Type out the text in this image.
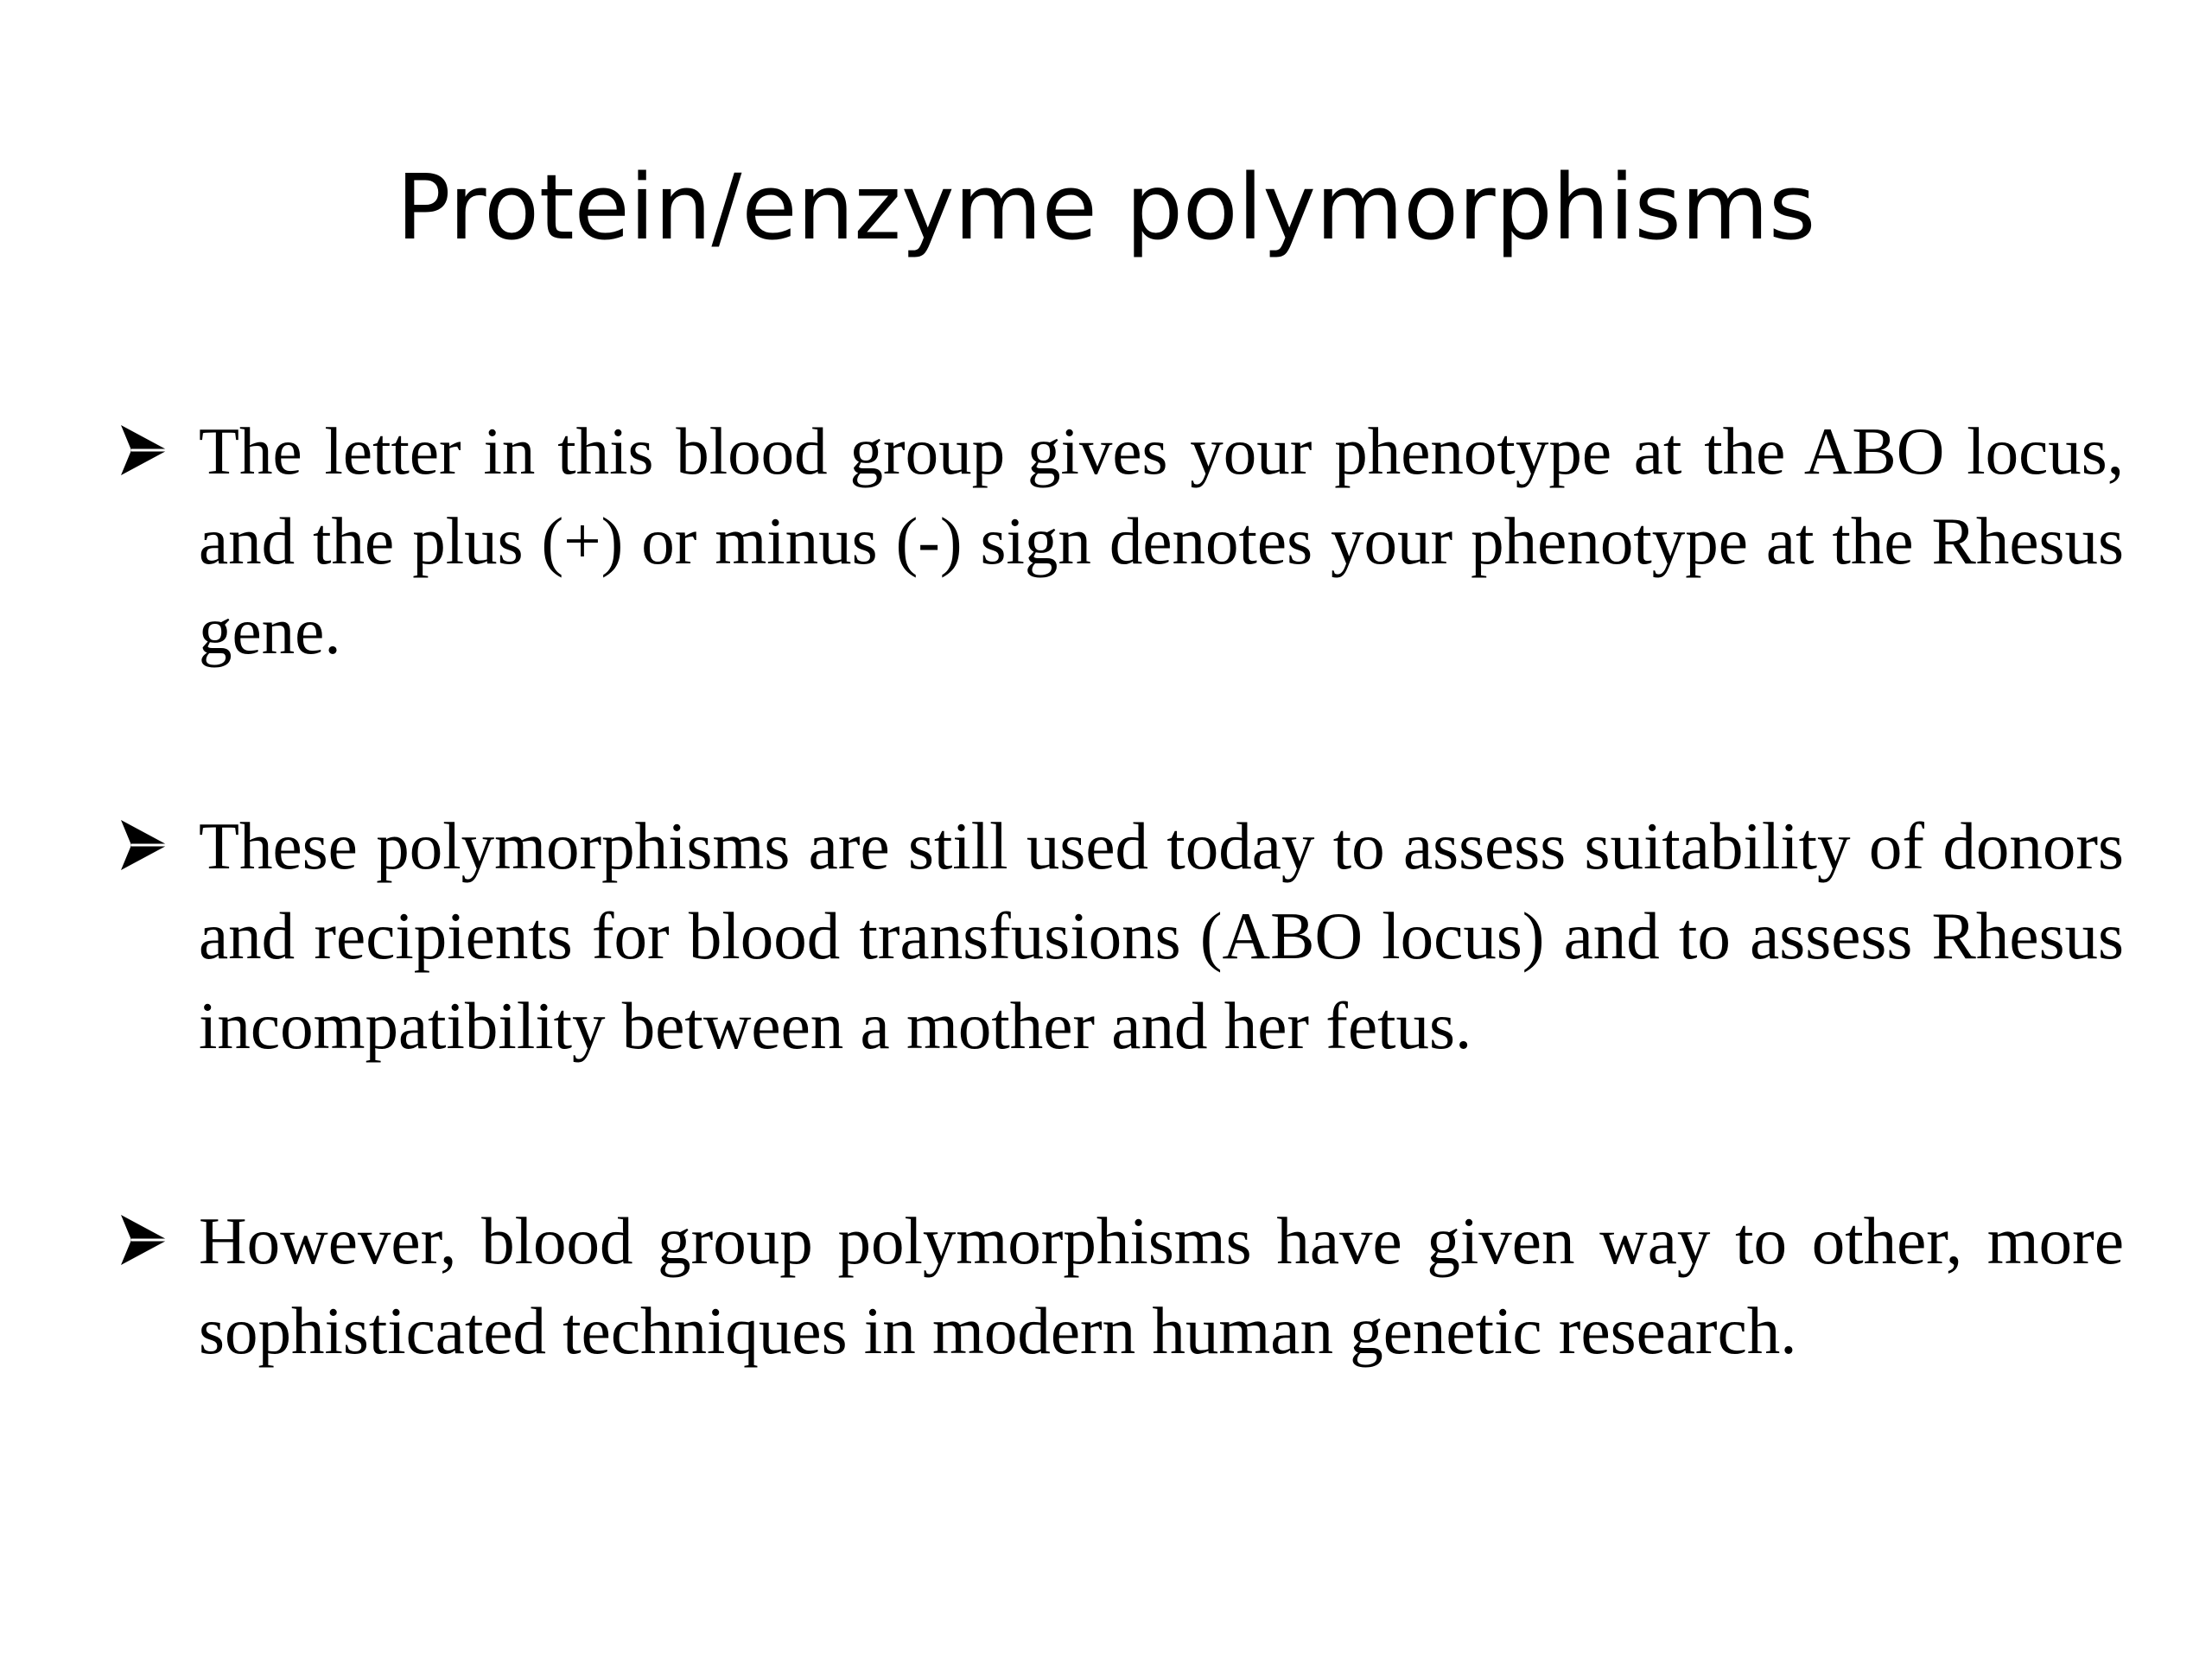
Protein/enzyme polymorphisms
The letter in this blood group gives your phenotype at the ABO locus, and the plus (+) or minus (-) sign denotes your phenotype at the Rhesus gene.
These polymorphisms are still used today to assess suitability of donors and recipients for blood transfusions (ABO locus) and to assess Rhesus incompatibility between a mother and her fetus.
However, blood group polymorphisms have given way to other, more sophisticated techniques in modern human genetic research.
